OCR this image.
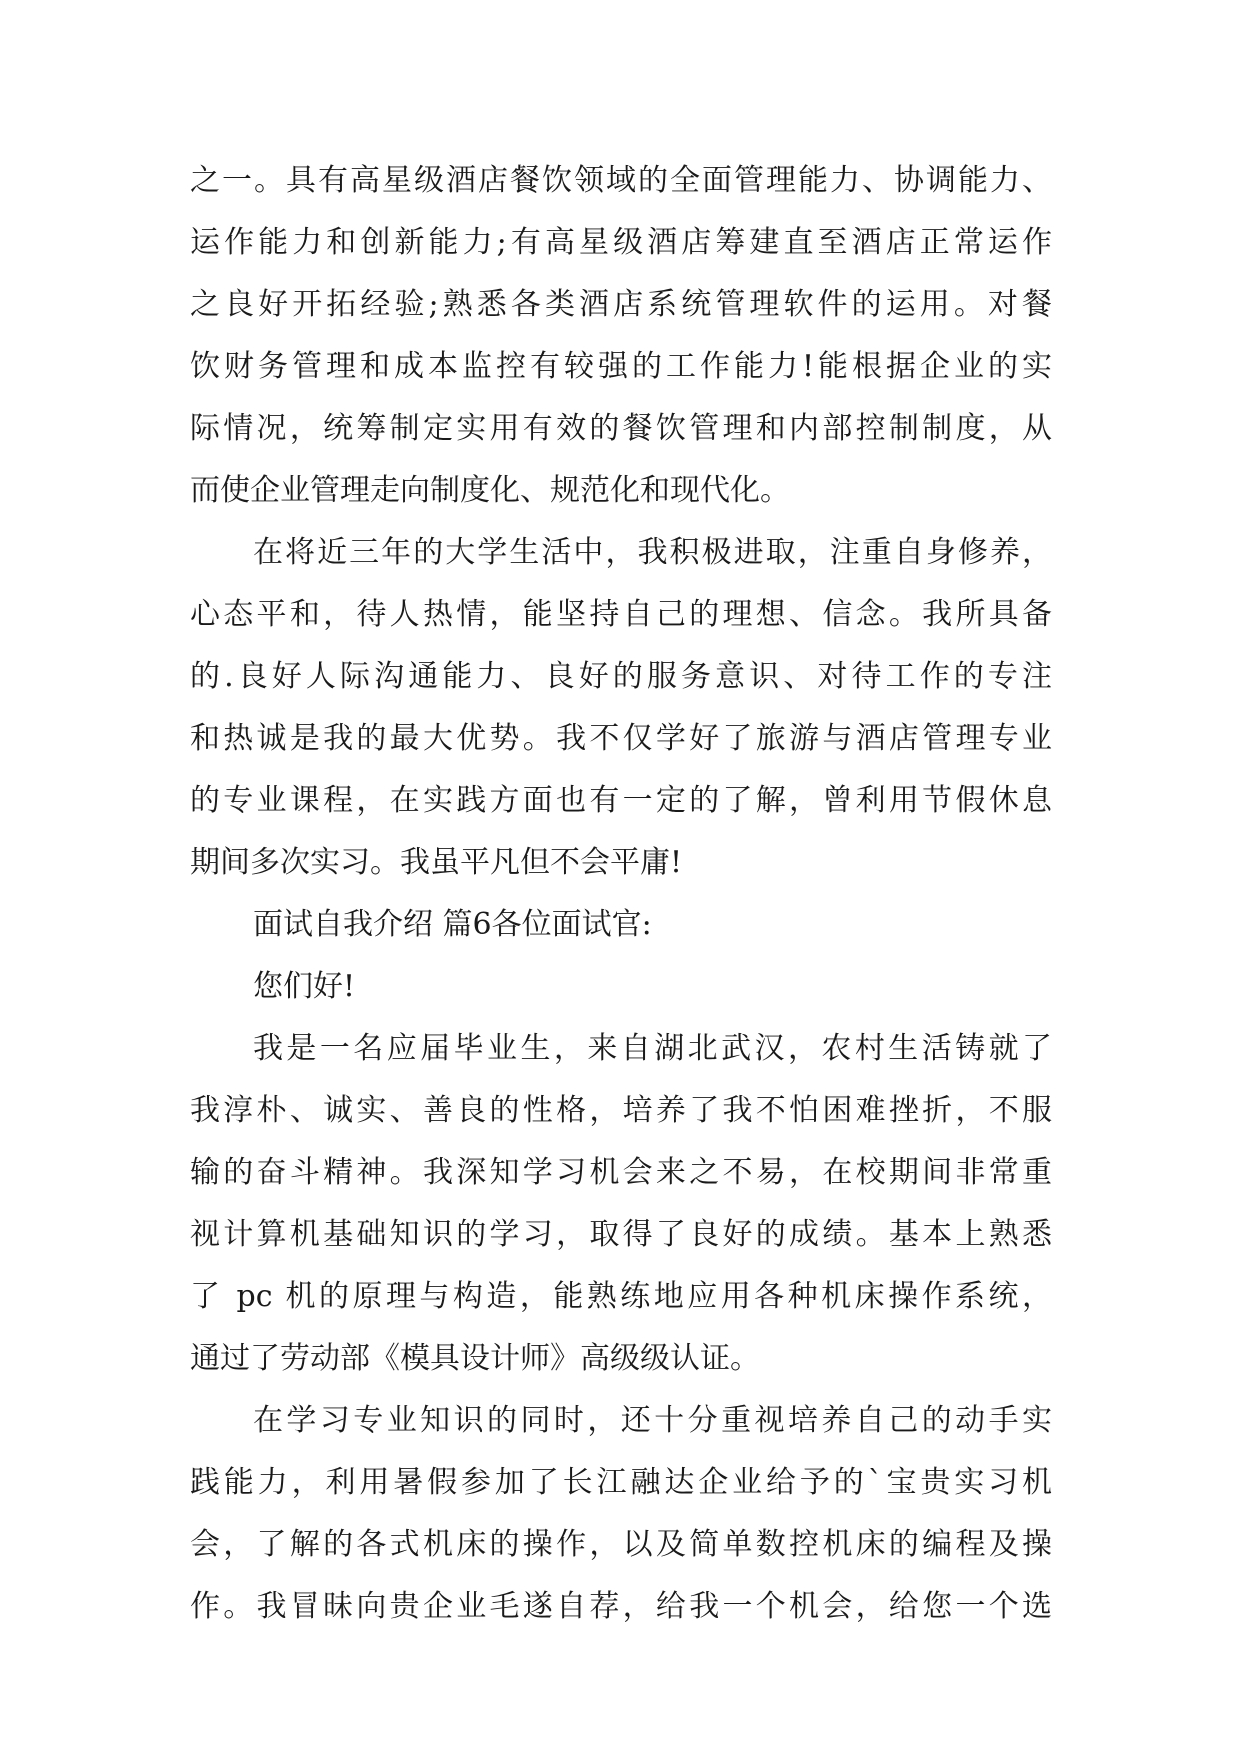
之一。具有高星级酒店餐饮领域的全面管理能力、协调能力、
运作能力和创新能力;有高星级酒店筹建直至酒店正常运作
之良好开拓经验;熟悉各类酒店系统管理软件的运用。对餐
饮财务管理和成本监控有较强的工作能力!能根据企业的实
际情况，统筹制定实用有效的餐饮管理和内部控制制度，从
而使企业管理走向制度化、规范化和现代化。
在将近三年的大学生活中，我积极进取，注重自身修养，
心态平和，待人热情，能坚持自己的理想、信念。我所具备
的.良好人际沟通能力、良好的服务意识、对待工作的专注
和热诚是我的最大优势。我不仅学好了旅游与酒店管理专业
的专业课程，在实践方面也有一定的了解，曾利用节假休息
期间多次实习。我虽平凡但不会平庸!
面试自我介绍 篇6各位面试官:
您们好!
我是一名应届毕业生，来自湖北武汉，农村生活铸就了
我淳朴、诚实、善良的性格，培养了我不怕困难挫折，不服
输的奋斗精神。我深知学习机会来之不易，在校期间非常重
视计算机基础知识的学习，取得了良好的成绩。基本上熟悉
了 pc 机的原理与构造，能熟练地应用各种机床操作系统，
通过了劳动部《模具设计师》高级级认证。
在学习专业知识的同时，还十分重视培养自己的动手实
践能力，利用暑假参加了长江融达企业给予的`宝贵实习机
会，了解的各式机床的操作，以及简单数控机床的编程及操
作。我冒昧向贵企业毛遂自荐，给我一个机会，给您一个选
